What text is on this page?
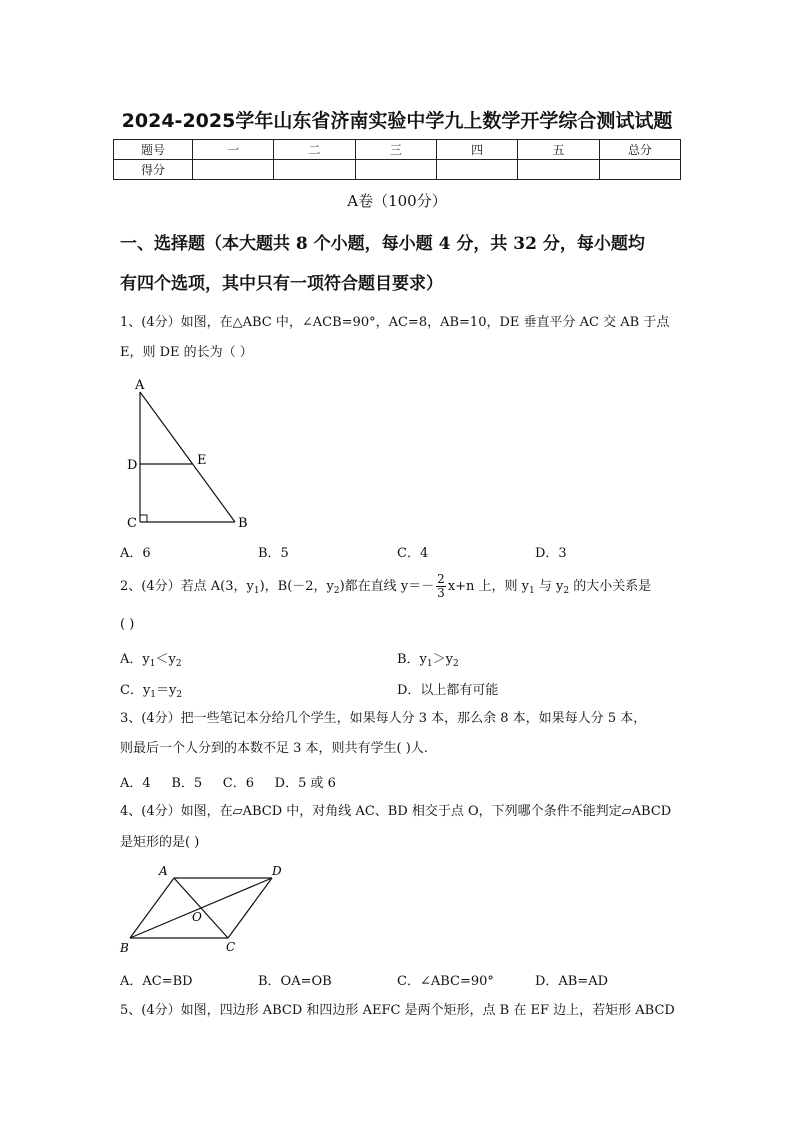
2024-2025学年山东省济南实验中学九上数学开学综合测试试题
题号	一	二	三	四	五	总分
得分						
A卷（100分）
一、选择题（本大题共 8 个小题，每小题 4 分，共 32 分，每小题均
有四个选项，其中只有一项符合题目要求）
1、(4分）如图，在△ABC 中，∠ACB=90°，AC=8，AB=10，DE 垂直平分 AC 交 AB 于点
E，则 DE 的长为（ ）
A
D	E
C	B
A．6	B．5	C．4	D．3
2、(4分）若点 A(3，$y_1$)，B(－2，$y_2$)都在直线 $y=- \frac{2}{3} x+n$ 上，则 $y_1$ 与 $y_2$ 的大小关系是
( )
A．$y_1<y_2$	B．$y_1>y_2$
C．$y_1=y_2$	D．以上都有可能
3、(4分）把一些笔记本分给几个学生，如果每人分 3 本，那么余 8 本，如果每人分 5 本，
则最后一个人分到的本数不足 3 本，则共有学生( )人.
A．4     B．5     C．6     D．5 或 6
4、(4分）如图，在▱ABCD 中，对角线 AC、BD 相交于点 O，下列哪个条件不能判定▱ABCD
是矩形的是( )
A	D
O
B	C
A．AC=BD	B．OA=OB	C．∠ABC=90°	D．AB=AD
5、(4分）如图，四边形 ABCD 和四边形 AEFC 是两个矩形，点 B 在 EF 边上，若矩形 ABCD
